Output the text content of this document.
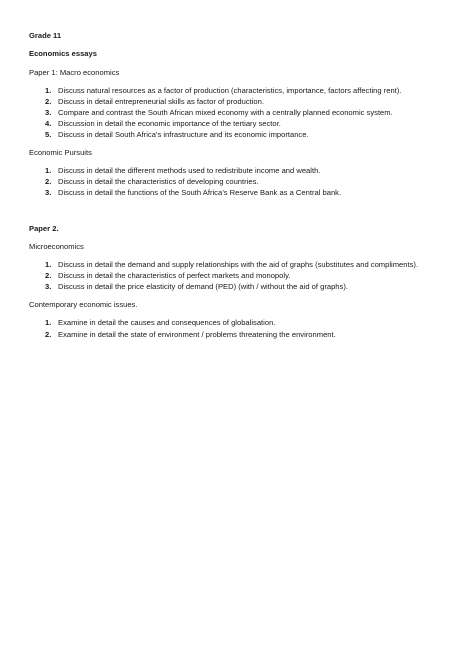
Grade 11
Economics essays
Paper 1: Macro economics
1. Discuss natural resources as a factor of production (characteristics, importance, factors affecting rent).
2. Discuss in detail entrepreneurial skills as factor of production.
3. Compare and contrast the South African mixed economy with a centrally planned economic system.
4. Discussion in detail the economic importance of the tertiary sector.
5. Discuss in detail South Africa’s infrastructure and its economic importance.
Economic Pursuits
1. Discuss in detail the different methods used to redistribute income and wealth.
2. Discuss in detail the characteristics of developing countries.
3. Discuss in detail the functions of the South Africa’s Reserve Bank as a Central bank.
Paper 2.
Microeconomics
1. Discuss in detail the demand and supply relationships with the aid of graphs (substitutes and compliments).
2. Discuss in detail the characteristics of perfect markets and monopoly.
3. Discuss in detail the price elasticity of demand (PED) (with / without the aid of graphs).
Contemporary economic issues.
1. Examine in detail the causes and consequences of globalisation.
2. Examine in detail the state of environment / problems threatening the environment.
